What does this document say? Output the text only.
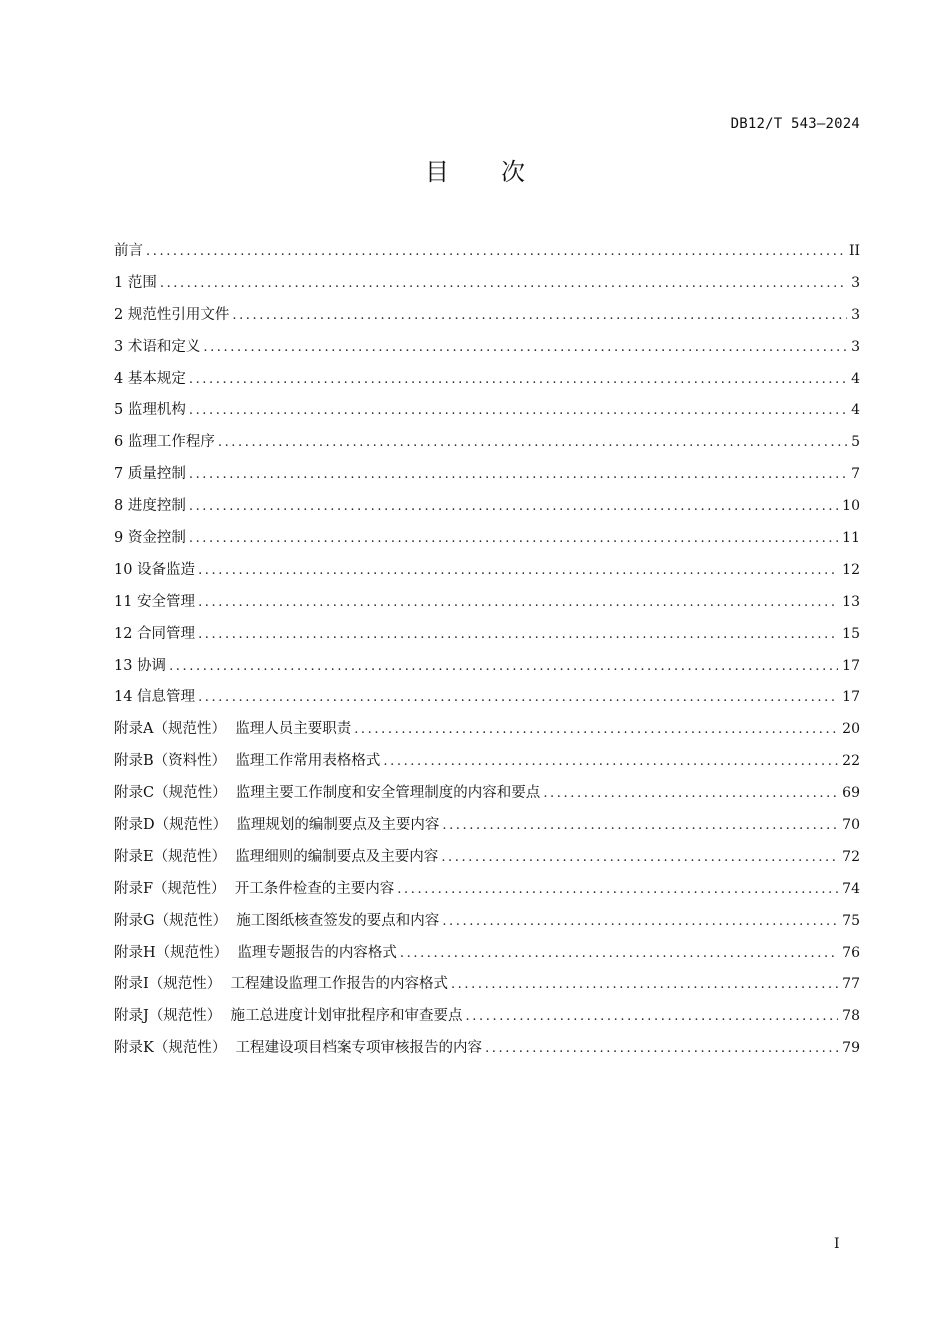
DB12/T 543—2024
目次
前言 .....	II
1 范围 .....	3
2 规范性引用文件 .....	3
3 术语和定义 .....	3
4 基本规定 .....	4
5 监理机构 .....	4
6 监理工作程序 .....	5
7 质量控制 .....	7
8 进度控制 .....	10
9 资金控制 .....	11
10 设备监造 .....	12
11 安全管理 .....	13
12 合同管理 .....	15
13 协调 .....	17
14 信息管理 .....	17
附录A（规范性）  监理人员主要职责 .....	20
附录B（资料性）  监理工作常用表格格式 .....	22
附录C（规范性）  监理主要工作制度和安全管理制度的内容和要点 .....	69
附录D（规范性）  监理规划的编制要点及主要内容 .....	70
附录E（规范性）  监理细则的编制要点及主要内容 .....	72
附录F（规范性）  开工条件检查的主要内容 .....	74
附录G（规范性）  施工图纸核查签发的要点和内容 .....	75
附录H（规范性）  监理专题报告的内容格式 .....	76
附录I（规范性）  工程建设监理工作报告的内容格式 .....	77
附录J（规范性）  施工总进度计划审批程序和审查要点 .....	78
附录K（规范性）  工程建设项目档案专项审核报告的内容 .....	79
I
